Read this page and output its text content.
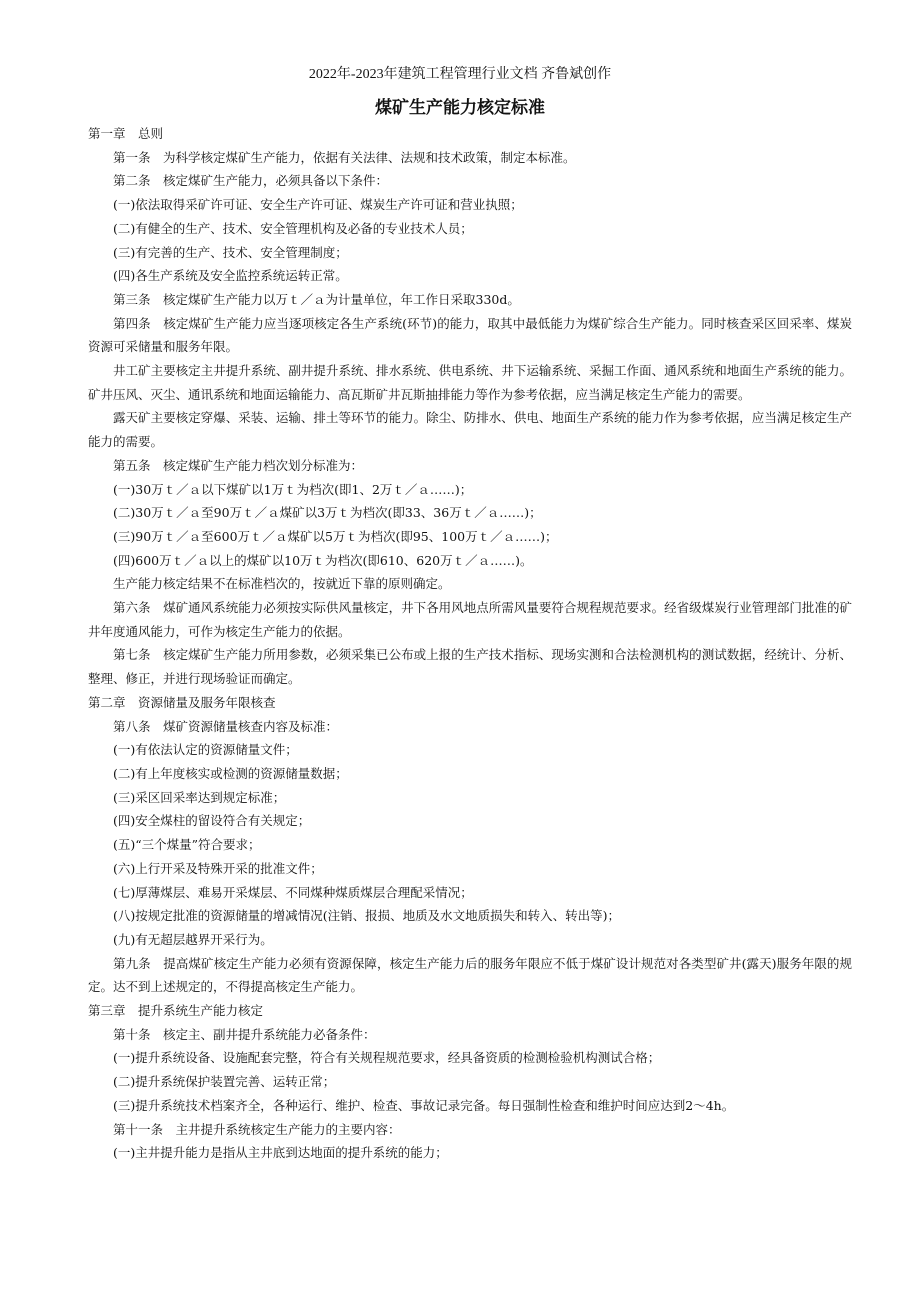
2022年-2023年建筑工程管理行业文档 齐鲁斌创作
煤矿生产能力核定标准

第一章　总则

第一条　为科学核定煤矿生产能力，依据有关法律、法规和技术政策，制定本标准。

第二条　核定煤矿生产能力，必须具备以下条件：

(一)依法取得采矿许可证、安全生产许可证、煤炭生产许可证和营业执照；

(二)有健全的生产、技术、安全管理机构及必备的专业技术人员；

(三)有完善的生产、技术、安全管理制度；

(四)各生产系统及安全监控系统运转正常。

第三条　核定煤矿生产能力以万ｔ／ａ为计量单位，年工作日采取330d。

第四条　核定煤矿生产能力应当逐项核定各生产系统(环节)的能力，取其中最低能力为煤矿综合生产能力。同时核查采区回采率、煤炭资源可采储量和服务年限。

井工矿主要核定主井提升系统、副井提升系统、排水系统、供电系统、井下运输系统、采掘工作面、通风系统和地面生产系统的能力。矿井压风、灭尘、通讯系统和地面运输能力、高瓦斯矿井瓦斯抽排能力等作为参考依据，应当满足核定生产能力的需要。

露天矿主要核定穿爆、采装、运输、排土等环节的能力。除尘、防排水、供电、地面生产系统的能力作为参考依据，应当满足核定生产能力的需要。

第五条　核定煤矿生产能力档次划分标准为：

(一)30万ｔ／ａ以下煤矿以1万ｔ为档次(即1、2万ｔ／ａ……)；

(二)30万ｔ／ａ至90万ｔ／ａ煤矿以3万ｔ为档次(即33、36万ｔ／ａ……)；

(三)90万ｔ／ａ至600万ｔ／ａ煤矿以5万ｔ为档次(即95、100万ｔ／ａ……)；

(四)600万ｔ／ａ以上的煤矿以10万ｔ为档次(即610、620万ｔ／ａ……)。

生产能力核定结果不在标准档次的，按就近下靠的原则确定。

第六条　煤矿通风系统能力必须按实际供风量核定，井下各用风地点所需风量要符合规程规范要求。经省级煤炭行业管理部门批准的矿井年度通风能力，可作为核定生产能力的依据。

第七条　核定煤矿生产能力所用参数，必须采集已公布或上报的生产技术指标、现场实测和合法检测机构的测试数据，经统计、分析、整理、修正，并进行现场验证而确定。

第二章　资源储量及服务年限核查

第八条　煤矿资源储量核查内容及标准：

(一)有依法认定的资源储量文件；

(二)有上年度核实或检测的资源储量数据；

(三)采区回采率达到规定标准；

(四)安全煤柱的留设符合有关规定；

(五)“三个煤量”符合要求；

(六)上行开采及特殊开采的批准文件；

(七)厚薄煤层、难易开采煤层、不同煤种煤质煤层合理配采情况；

(八)按规定批准的资源储量的增减情况(注销、报损、地质及水文地质损失和转入、转出等)；

(九)有无超层越界开采行为。

第九条　提高煤矿核定生产能力必须有资源保障，核定生产能力后的服务年限应不低于煤矿设计规范对各类型矿井(露天)服务年限的规定。达不到上述规定的，不得提高核定生产能力。

第三章　提升系统生产能力核定

第十条　核定主、副井提升系统能力必备条件：

(一)提升系统设备、设施配套完整，符合有关规程规范要求，经具备资质的检测检验机构测试合格；

(二)提升系统保护装置完善、运转正常；

(三)提升系统技术档案齐全，各种运行、维护、检查、事故记录完备。每日强制性检查和维护时间应达到2～4h。

第十一条　主井提升系统核定生产能力的主要内容：

(一)主井提升能力是指从主井底到达地面的提升系统的能力；
